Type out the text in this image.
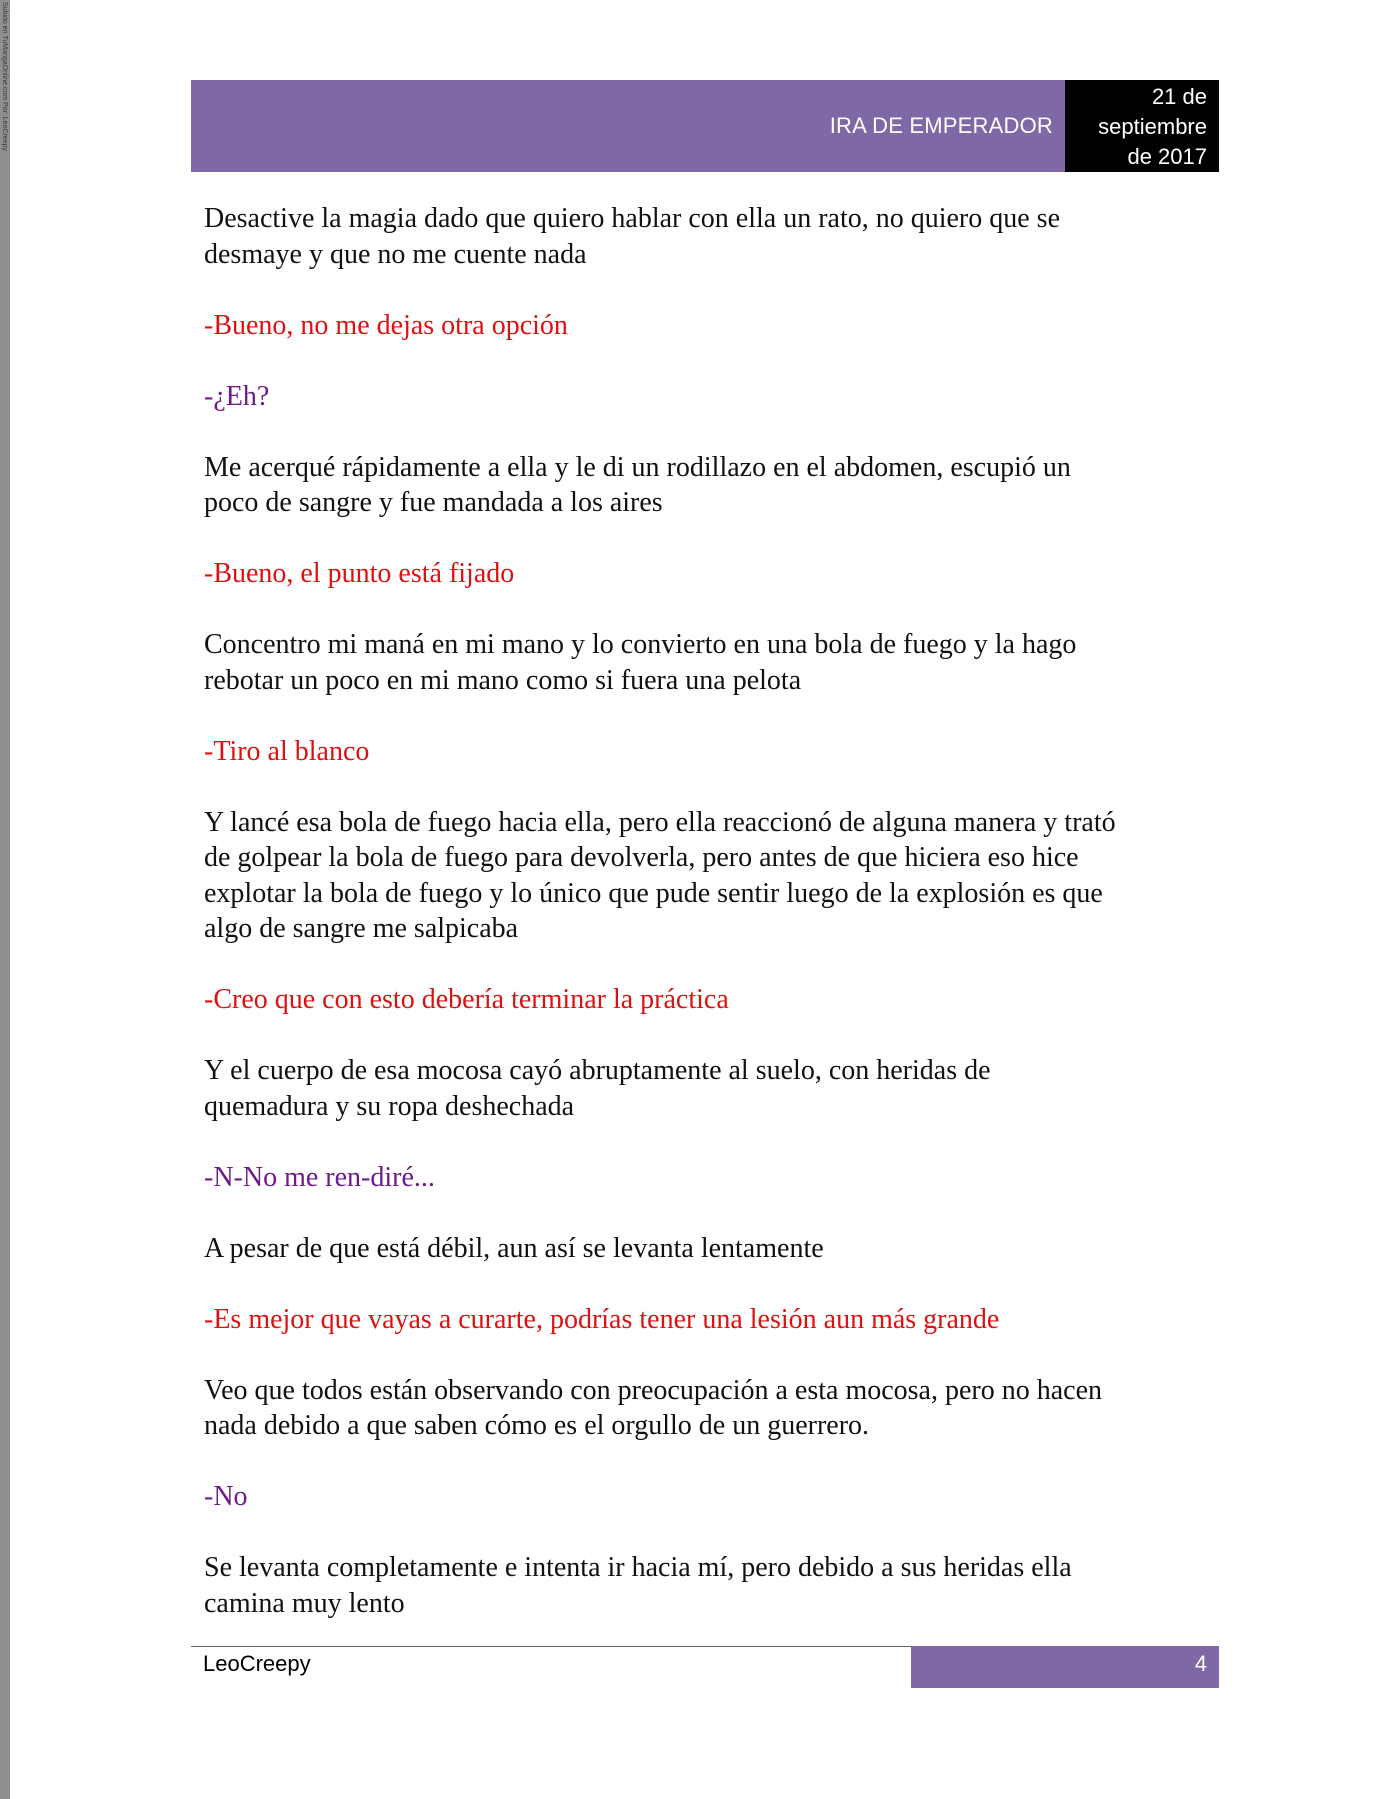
Subido en TuMangaOnline.com Por: LeoCreepy	IRA DE EMPERADOR
21 de
septiembre
de 2017
Desactive la magia dado que quiero hablar con ella un rato, no quiero que se
desmaye y que no me cuente nada
-Bueno, no me dejas otra opción
-¿Eh?
Me acerqué rápidamente a ella y le di un rodillazo en el abdomen, escupió un
poco de sangre y fue mandada a los aires
-Bueno, el punto está fijado
Concentro mi maná en mi mano y lo convierto en una bola de fuego y la hago
rebotar un poco en mi mano como si fuera una pelota
-Tiro al blanco
Y lancé esa bola de fuego hacia ella, pero ella reaccionó de alguna manera y trató
de golpear la bola de fuego para devolverla, pero antes de que hiciera eso hice
explotar la bola de fuego y lo único que pude sentir luego de la explosión es que
algo de sangre me salpicaba
-Creo que con esto debería terminar la práctica
Y el cuerpo de esa mocosa cayó abruptamente al suelo, con heridas de
quemadura y su ropa deshechada
-N-No me ren-diré...
A pesar de que está débil, aun así se levanta lentamente
-Es mejor que vayas a curarte, podrías tener una lesión aun más grande
Veo que todos están observando con preocupación a esta mocosa, pero no hacen
nada debido a que saben cómo es el orgullo de un guerrero.
-No
Se levanta completamente e intenta ir hacia mí, pero debido a sus heridas ella
camina muy lento
LeoCreepy	4
